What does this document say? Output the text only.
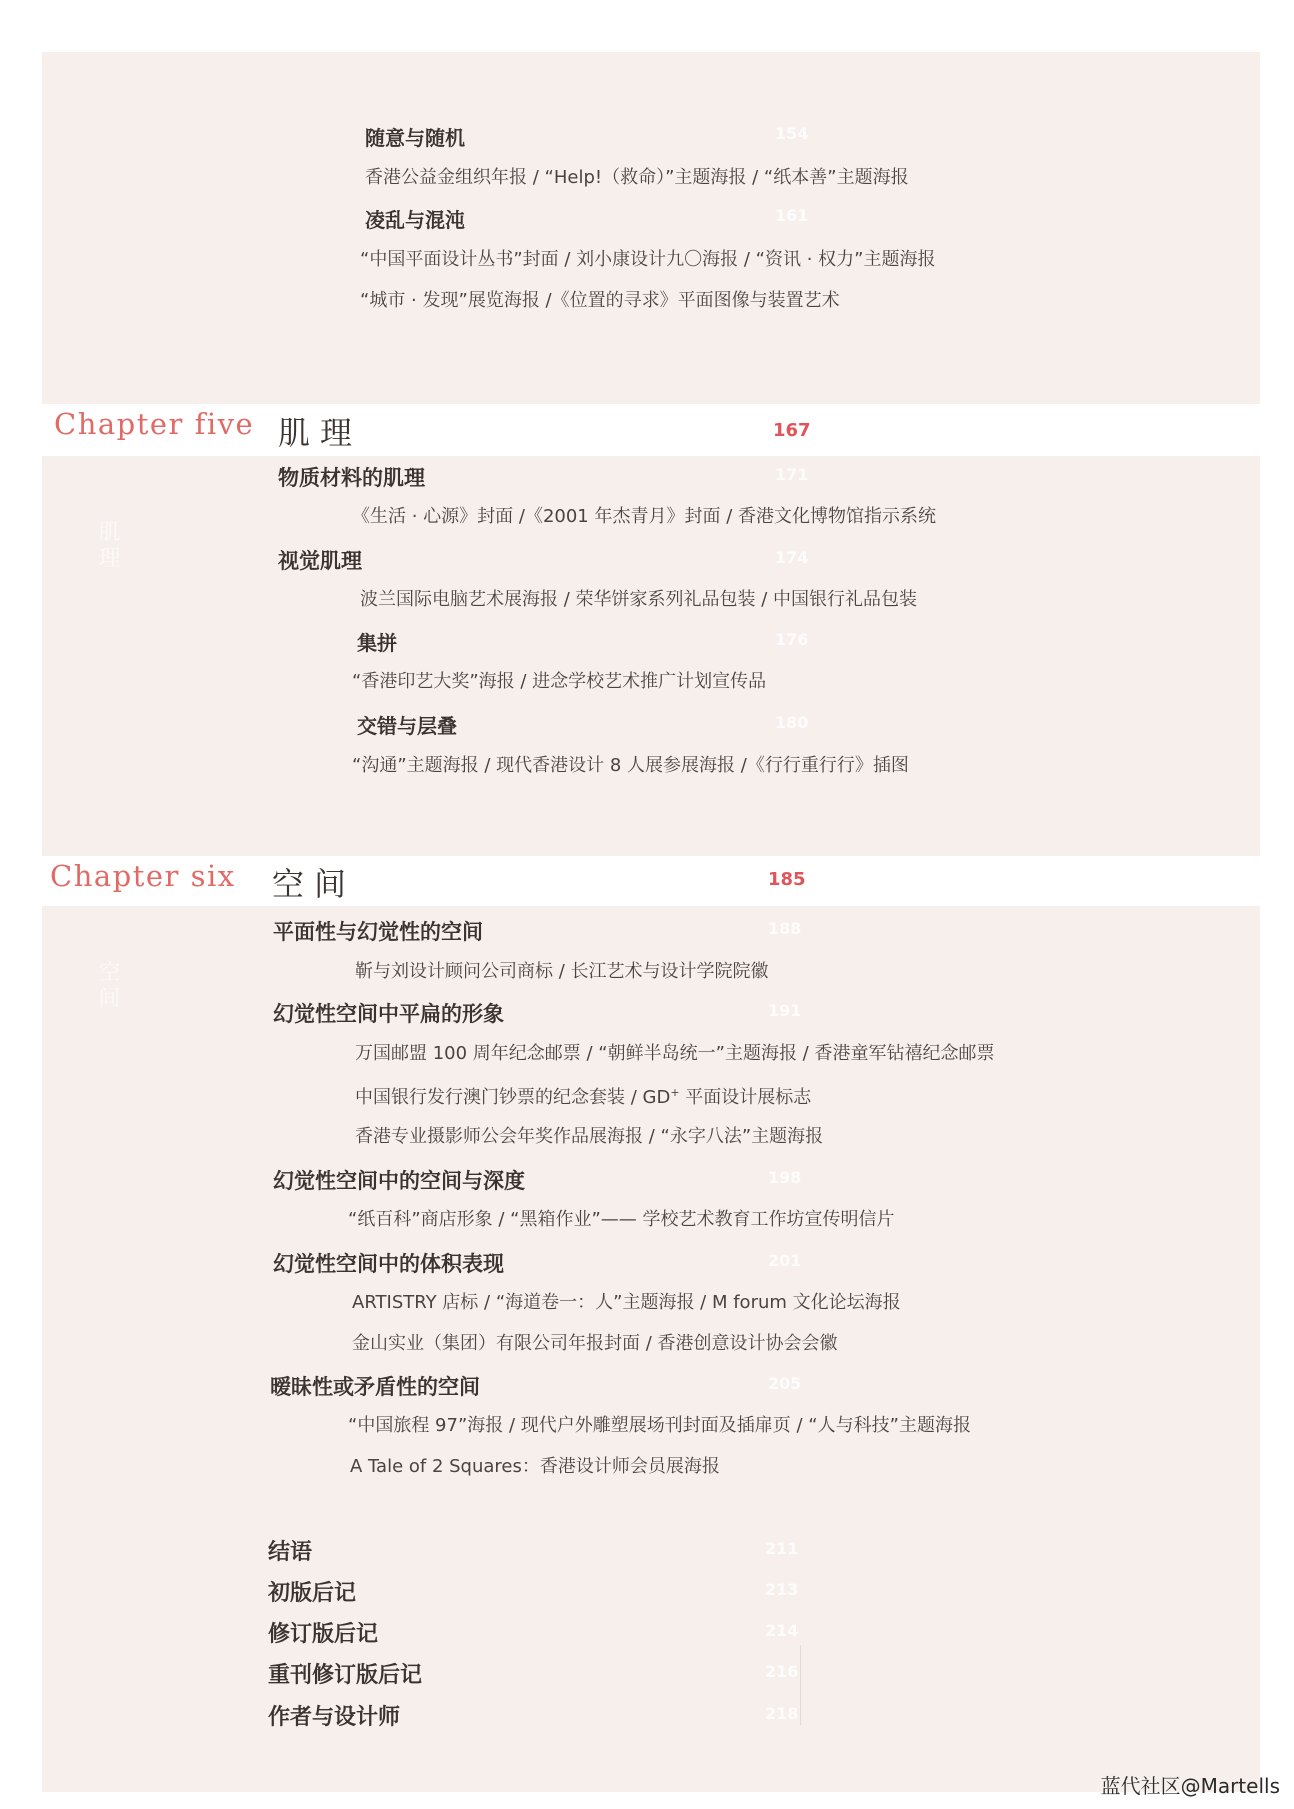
肌理
空间
随意与随机	154
香港公益金组织年报 / “Help!（救命）”主题海报 / “纸本善”主题海报
凌乱与混沌	161
“中国平面设计丛书”封面 / 刘小康设计九〇海报 / “资讯 · 权力”主题海报
“城市 · 发现”展览海报 /《位置的寻求》平面图像与装置艺术
Chapter five 肌理	167
物质材料的肌理	171
《生活 · 心源》封面 /《2001 年杰青月》封面 / 香港文化博物馆指示系统
视觉肌理	174
波兰国际电脑艺术展海报 / 荣华饼家系列礼品包装 / 中国银行礼品包装
集拼	176
“香港印艺大奖”海报 / 进念学校艺术推广计划宣传品
交错与层叠	180
“沟通”主题海报 / 现代香港设计 8 人展参展海报 /《行行重行行》插图
Chapter six 空间	185
平面性与幻觉性的空间	188
靳与刘设计顾问公司商标 / 长江艺术与设计学院院徽
幻觉性空间中平扁的形象	191
万国邮盟 100 周年纪念邮票 / “朝鲜半岛统一”主题海报 / 香港童军钻禧纪念邮票
中国银行发行澳门钞票的纪念套装 / GD+ 平面设计展标志
香港专业摄影师公会年奖作品展海报 / “永字八法”主题海报
幻觉性空间中的空间与深度	198
“纸百科”商店形象 / “黑箱作业”—— 学校艺术教育工作坊宣传明信片
幻觉性空间中的体积表现	201
ARTISTRY 店标 / “海道卷一：人”主题海报 / M forum 文化论坛海报
金山实业（集团）有限公司年报封面 / 香港创意设计协会会徽
暧昧性或矛盾性的空间	205
“中国旅程 97”海报 / 现代户外雕塑展场刊封面及插扉页 / “人与科技”主题海报
A Tale of 2 Squares：香港设计师会员展海报
结语	211
初版后记	213
修订版后记	214
重刊修订版后记	216
作者与设计师	218
蓝代社区@Martells
